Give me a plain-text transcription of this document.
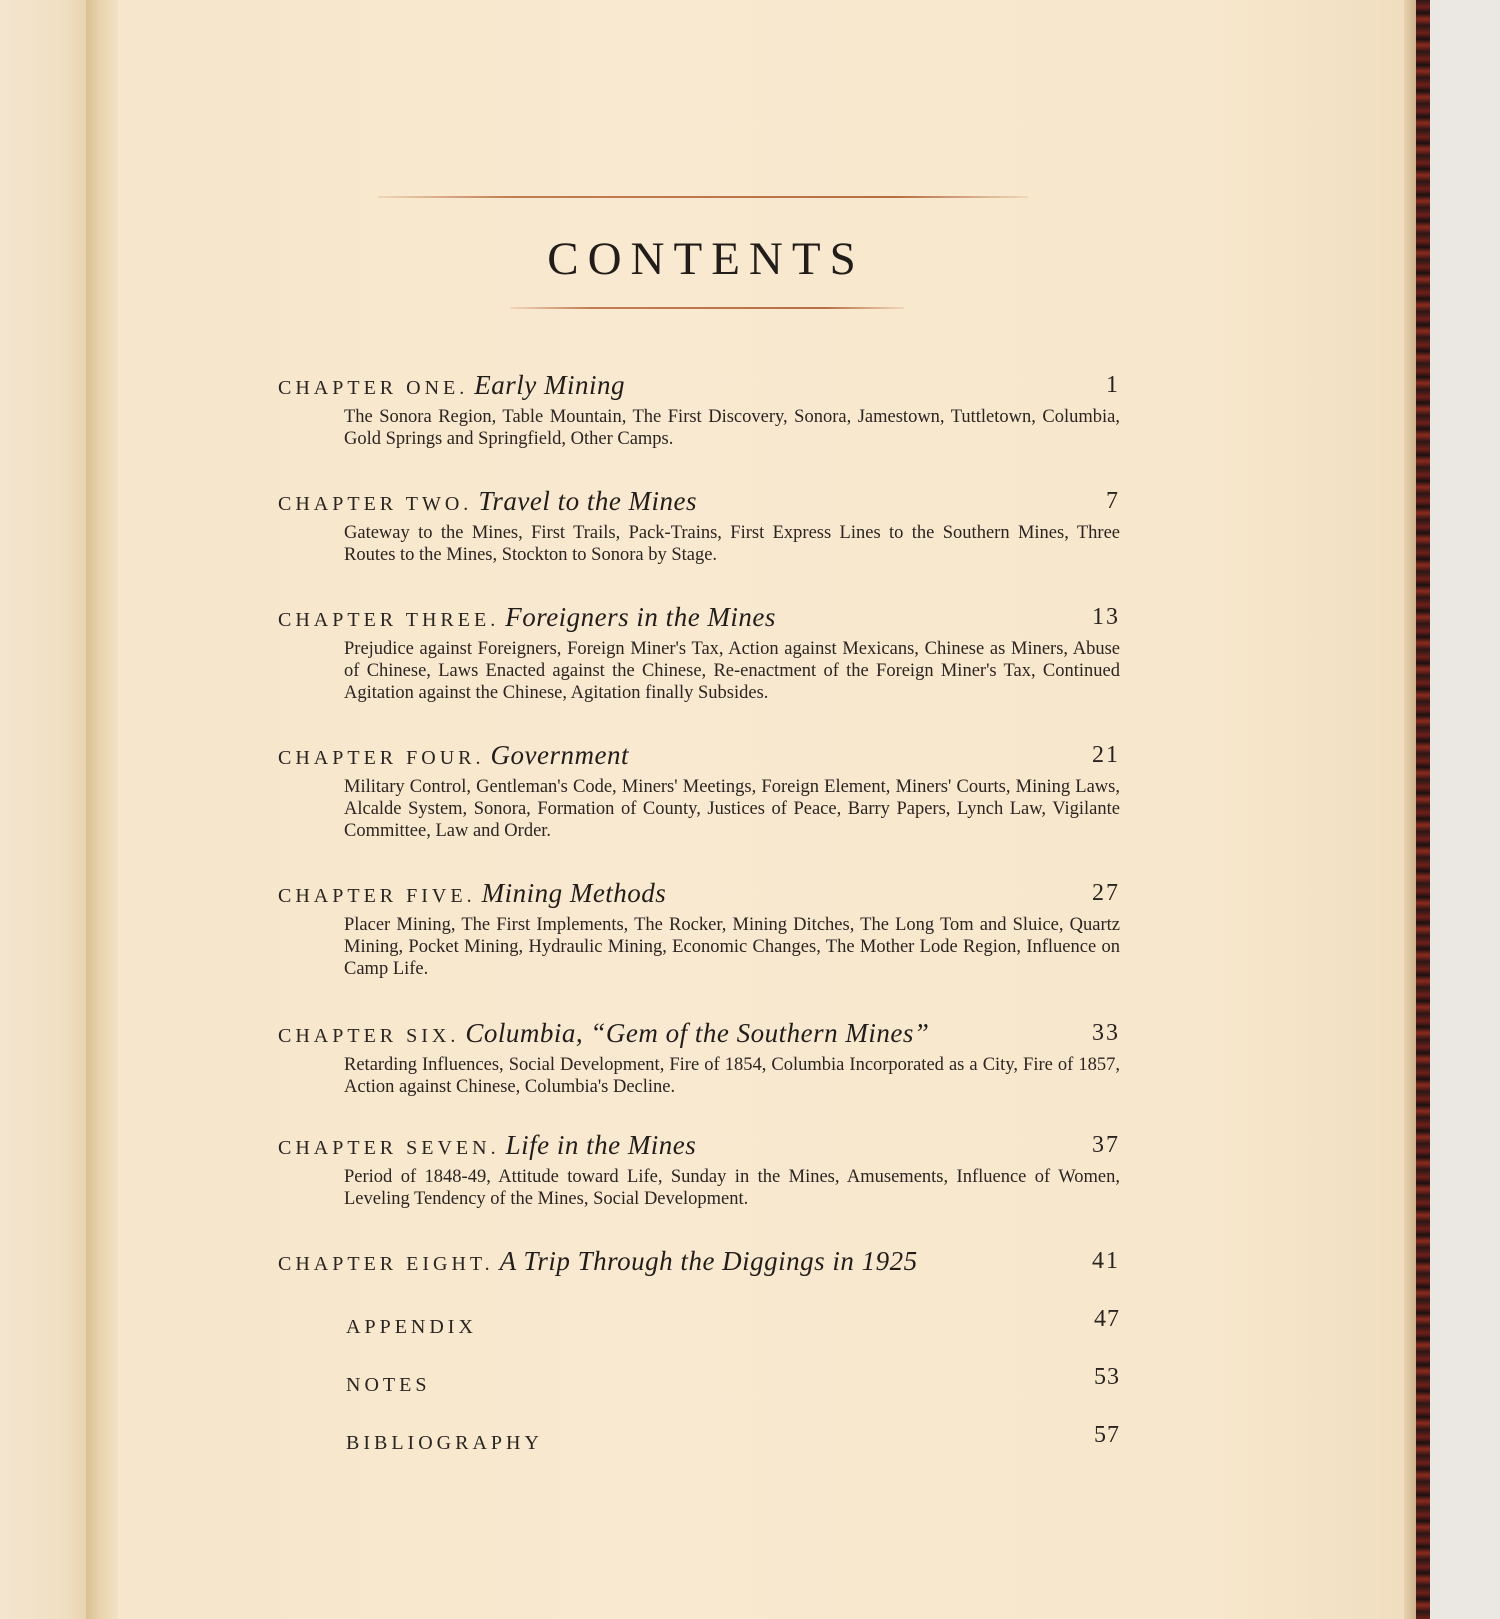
CONTENTS
CHAPTER ONE. Early Mining	1
The Sonora Region, Table Mountain, The First Discovery, Sonora, Jamestown, Tuttletown, Columbia, Gold Springs and Springfield, Other Camps.
CHAPTER TWO. Travel to the Mines	7
Gateway to the Mines, First Trails, Pack-Trains, First Express Lines to the Southern Mines, Three Routes to the Mines, Stockton to Sonora by Stage.
CHAPTER THREE. Foreigners in the Mines	13
Prejudice against Foreigners, Foreign Miner's Tax, Action against Mexicans, Chinese as Miners, Abuse of Chinese, Laws Enacted against the Chinese, Re-enactment of the Foreign Miner's Tax, Continued Agitation against the Chinese, Agitation finally Subsides.
CHAPTER FOUR. Government	21
Military Control, Gentleman's Code, Miners' Meetings, Foreign Element, Miners' Courts, Mining Laws, Alcalde System, Sonora, Formation of County, Justices of Peace, Barry Papers, Lynch Law, Vigilante Committee, Law and Order.
CHAPTER FIVE. Mining Methods	27
Placer Mining, The First Implements, The Rocker, Mining Ditches, The Long Tom and Sluice, Quartz Mining, Pocket Mining, Hydraulic Mining, Economic Changes, The Mother Lode Region, Influence on Camp Life.
CHAPTER SIX. Columbia, “Gem of the Southern Mines”	33
Retarding Influences, Social Development, Fire of 1854, Columbia Incorporated as a City, Fire of 1857, Action against Chinese, Columbia's Decline.
CHAPTER SEVEN. Life in the Mines	37
Period of 1848-49, Attitude toward Life, Sunday in the Mines, Amusements, Influence of Women, Leveling Tendency of the Mines, Social Development.
CHAPTER EIGHT. A Trip Through the Diggings in 1925	41
APPENDIX	47
NOTES	53
BIBLIOGRAPHY	57
